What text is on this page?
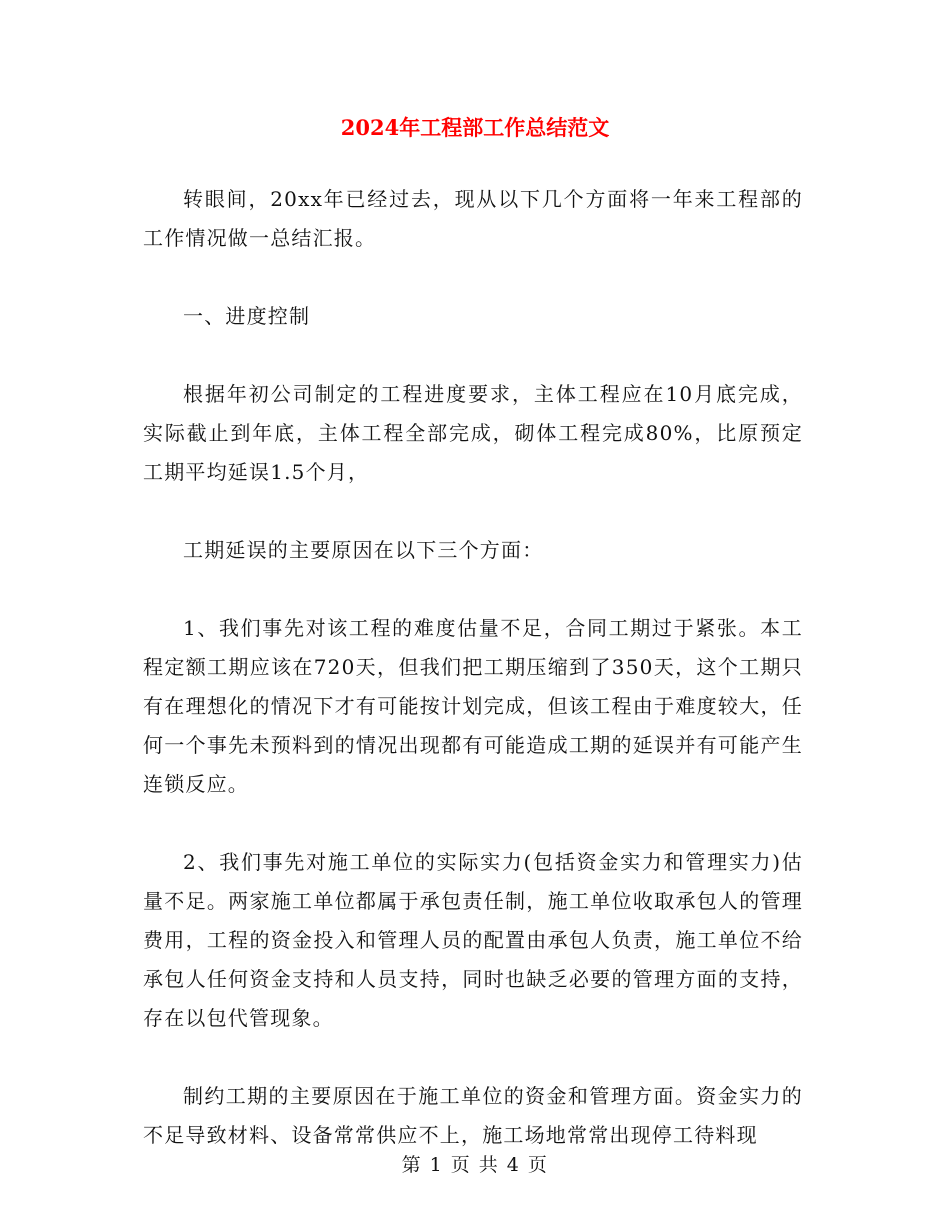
2024年工程部工作总结范文

转眼间，20xx年已经过去，现从以下几个方面将一年来工程部的工作情况做一总结汇报。

一、进度控制

根据年初公司制定的工程进度要求，主体工程应在10月底完成，实际截止到年底，主体工程全部完成，砌体工程完成80%，比原预定工期平均延误1.5个月，

工期延误的主要原因在以下三个方面：

1、我们事先对该工程的难度估量不足，合同工期过于紧张。本工程定额工期应该在720天，但我们把工期压缩到了350天，这个工期只有在理想化的情况下才有可能按计划完成，但该工程由于难度较大，任何一个事先未预料到的情况出现都有可能造成工期的延误并有可能产生连锁反应。

2、我们事先对施工单位的实际实力(包括资金实力和管理实力)估量不足。两家施工单位都属于承包责任制，施工单位收取承包人的管理费用，工程的资金投入和管理人员的配置由承包人负责，施工单位不给承包人任何资金支持和人员支持，同时也缺乏必要的管理方面的支持，存在以包代管现象。

制约工期的主要原因在于施工单位的资金和管理方面。资金实力的不足导致材料、设备常常供应不上，施工场地常常出现停工待料现

第 1 页 共 4 页
